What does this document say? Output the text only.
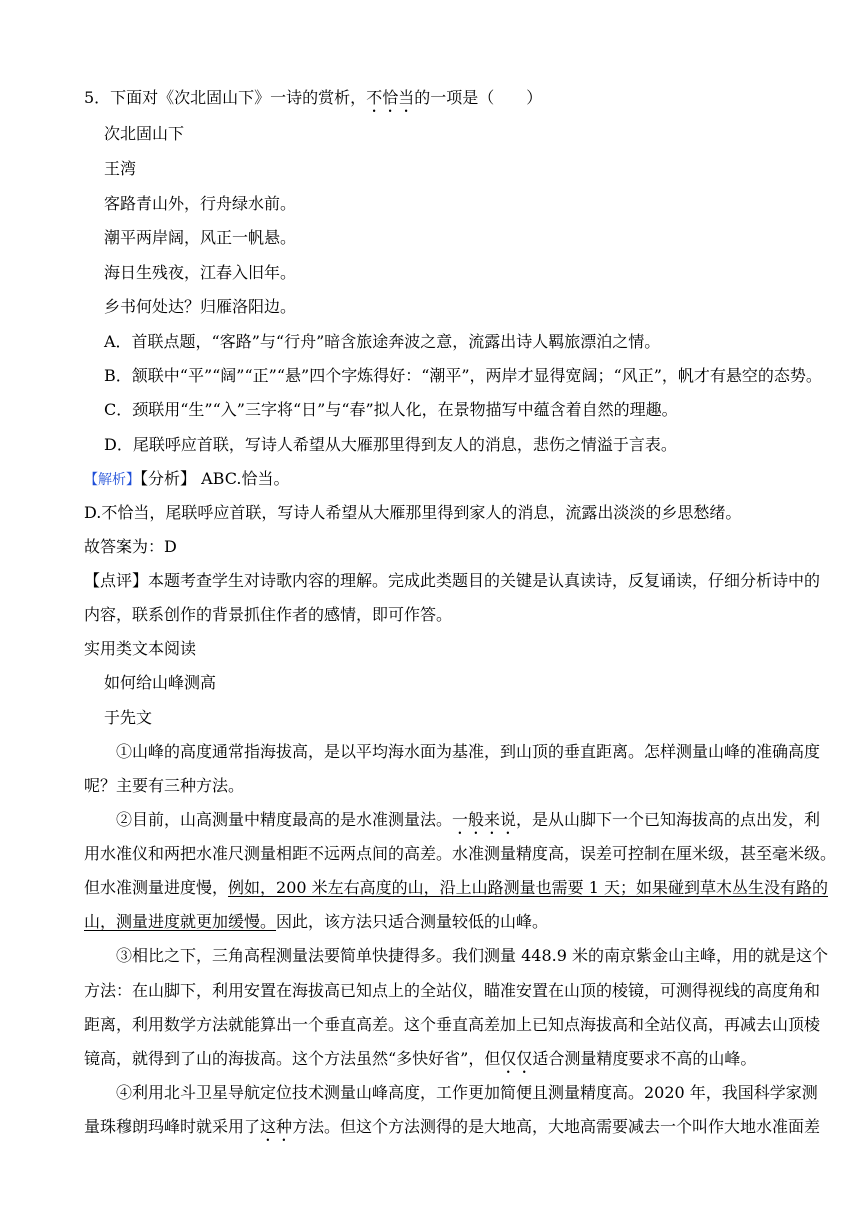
5．下面对《次北固山下》一诗的赏析，不恰当的一项是（　　）
次北固山下
王湾
客路青山外，行舟绿水前。
潮平两岸阔，风正一帆悬。
海日生残夜，江春入旧年。
乡书何处达？归雁洛阳边。
A．首联点题，“客路”与“行舟”暗含旅途奔波之意，流露出诗人羁旅漂泊之情。
B．颔联中“平”“阔”“正”“悬”四个字炼得好：“潮平”，两岸才显得宽阔；“风正”，帆才有悬空的态势。
C．颈联用“生”“入”三字将“日”与“春”拟人化，在景物描写中蕴含着自然的理趣。
D．尾联呼应首联，写诗人希望从大雁那里得到友人的消息，悲伤之情溢于言表。
【解析】【分析】 ABC.恰当。
D.不恰当，尾联呼应首联，写诗人希望从大雁那里得到家人的消息，流露出淡淡的乡思愁绪。
故答案为：D
【点评】本题考查学生对诗歌内容的理解。完成此类题目的关键是认真读诗，反复诵读，仔细分析诗中的
内容，联系创作的背景抓住作者的感情，即可作答。
实用类文本阅读
如何给山峰测高
于先文
①山峰的高度通常指海拔高，是以平均海水面为基准，到山顶的垂直距离。怎样测量山峰的准确高度
呢？主要有三种方法。
②目前，山高测量中精度最高的是水准测量法。一般来说，是从山脚下一个已知海拔高的点出发，利
用水准仪和两把水准尺测量相距不远两点间的高差。水准测量精度高，误差可控制在厘米级，甚至毫米级。
但水准测量进度慢，例如，200 米左右高度的山，沿上山路测量也需要 1 天；如果碰到草木丛生没有路的
山，测量进度就更加缓慢。因此，该方法只适合测量较低的山峰。
③相比之下，三角高程测量法要简单快捷得多。我们测量 448.9 米的南京紫金山主峰，用的就是这个
方法：在山脚下，利用安置在海拔高已知点上的全站仪，瞄准安置在山顶的棱镜，可测得视线的高度角和
距离，利用数学方法就能算出一个垂直高差。这个垂直高差加上已知点海拔高和全站仪高，再减去山顶棱
镜高，就得到了山的海拔高。这个方法虽然“多快好省”，但仅仅适合测量精度要求不高的山峰。
④利用北斗卫星导航定位技术测量山峰高度，工作更加简便且测量精度高。2020 年，我国科学家测
量珠穆朗玛峰时就采用了这种方法。但这个方法测得的是大地高，大地高需要减去一个叫作大地水准面差
